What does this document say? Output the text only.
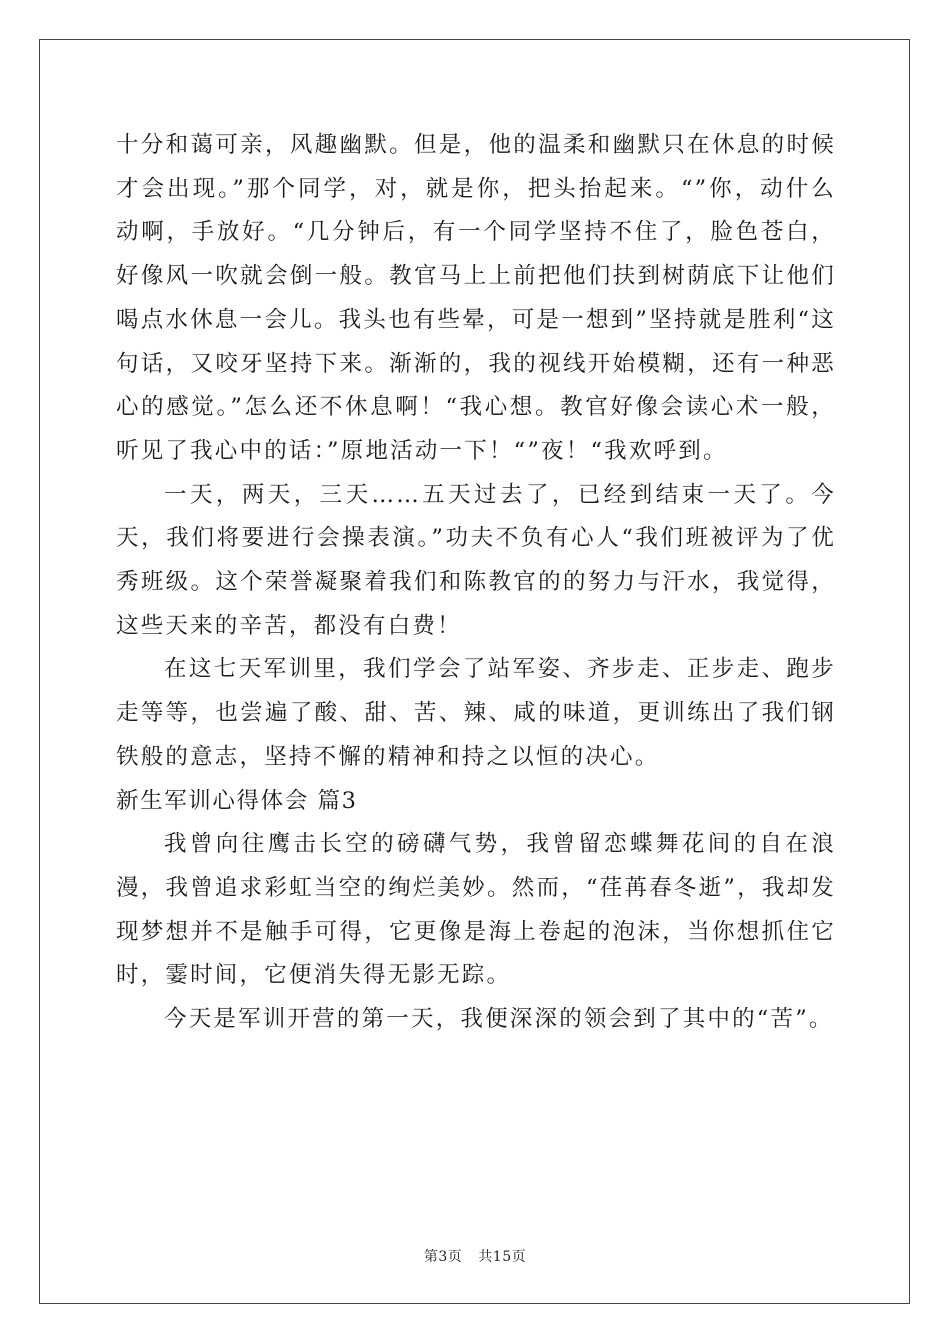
十分和蔼可亲，风趣幽默。但是，他的温柔和幽默只在休息的时候才会出现。”那个同学，对，就是你，把头抬起来。“”你，动什么动啊，手放好。“几分钟后，有一个同学坚持不住了，脸色苍白，好像风一吹就会倒一般。教官马上上前把他们扶到树荫底下让他们喝点水休息一会儿。我头也有些晕，可是一想到”坚持就是胜利“这句话，又咬牙坚持下来。渐渐的，我的视线开始模糊，还有一种恶心的感觉。”怎么还不休息啊！“我心想。教官好像会读心术一般，听见了我心中的话：”原地活动一下！“”夜！“我欢呼到。

一天，两天，三天……五天过去了，已经到结束一天了。今天，我们将要进行会操表演。”功夫不负有心人“我们班被评为了优秀班级。这个荣誉凝聚着我们和陈教官的的努力与汗水，我觉得，这些天来的辛苦，都没有白费！

在这七天军训里，我们学会了站军姿、齐步走、正步走、跑步走等等，也尝遍了酸、甜、苦、辣、咸的味道，更训练出了我们钢铁般的意志，坚持不懈的精神和持之以恒的决心。

新生军训心得体会 篇3

我曾向往鹰击长空的磅礴气势，我曾留恋蝶舞花间的自在浪漫，我曾追求彩虹当空的绚烂美妙。然而，“荏苒春冬逝”，我却发现梦想并不是触手可得，它更像是海上卷起的泡沫，当你想抓住它时，霎时间，它便消失得无影无踪。

今天是军训开营的第一天，我便深深的领会到了其中的“苦”。

第3页 共15页
